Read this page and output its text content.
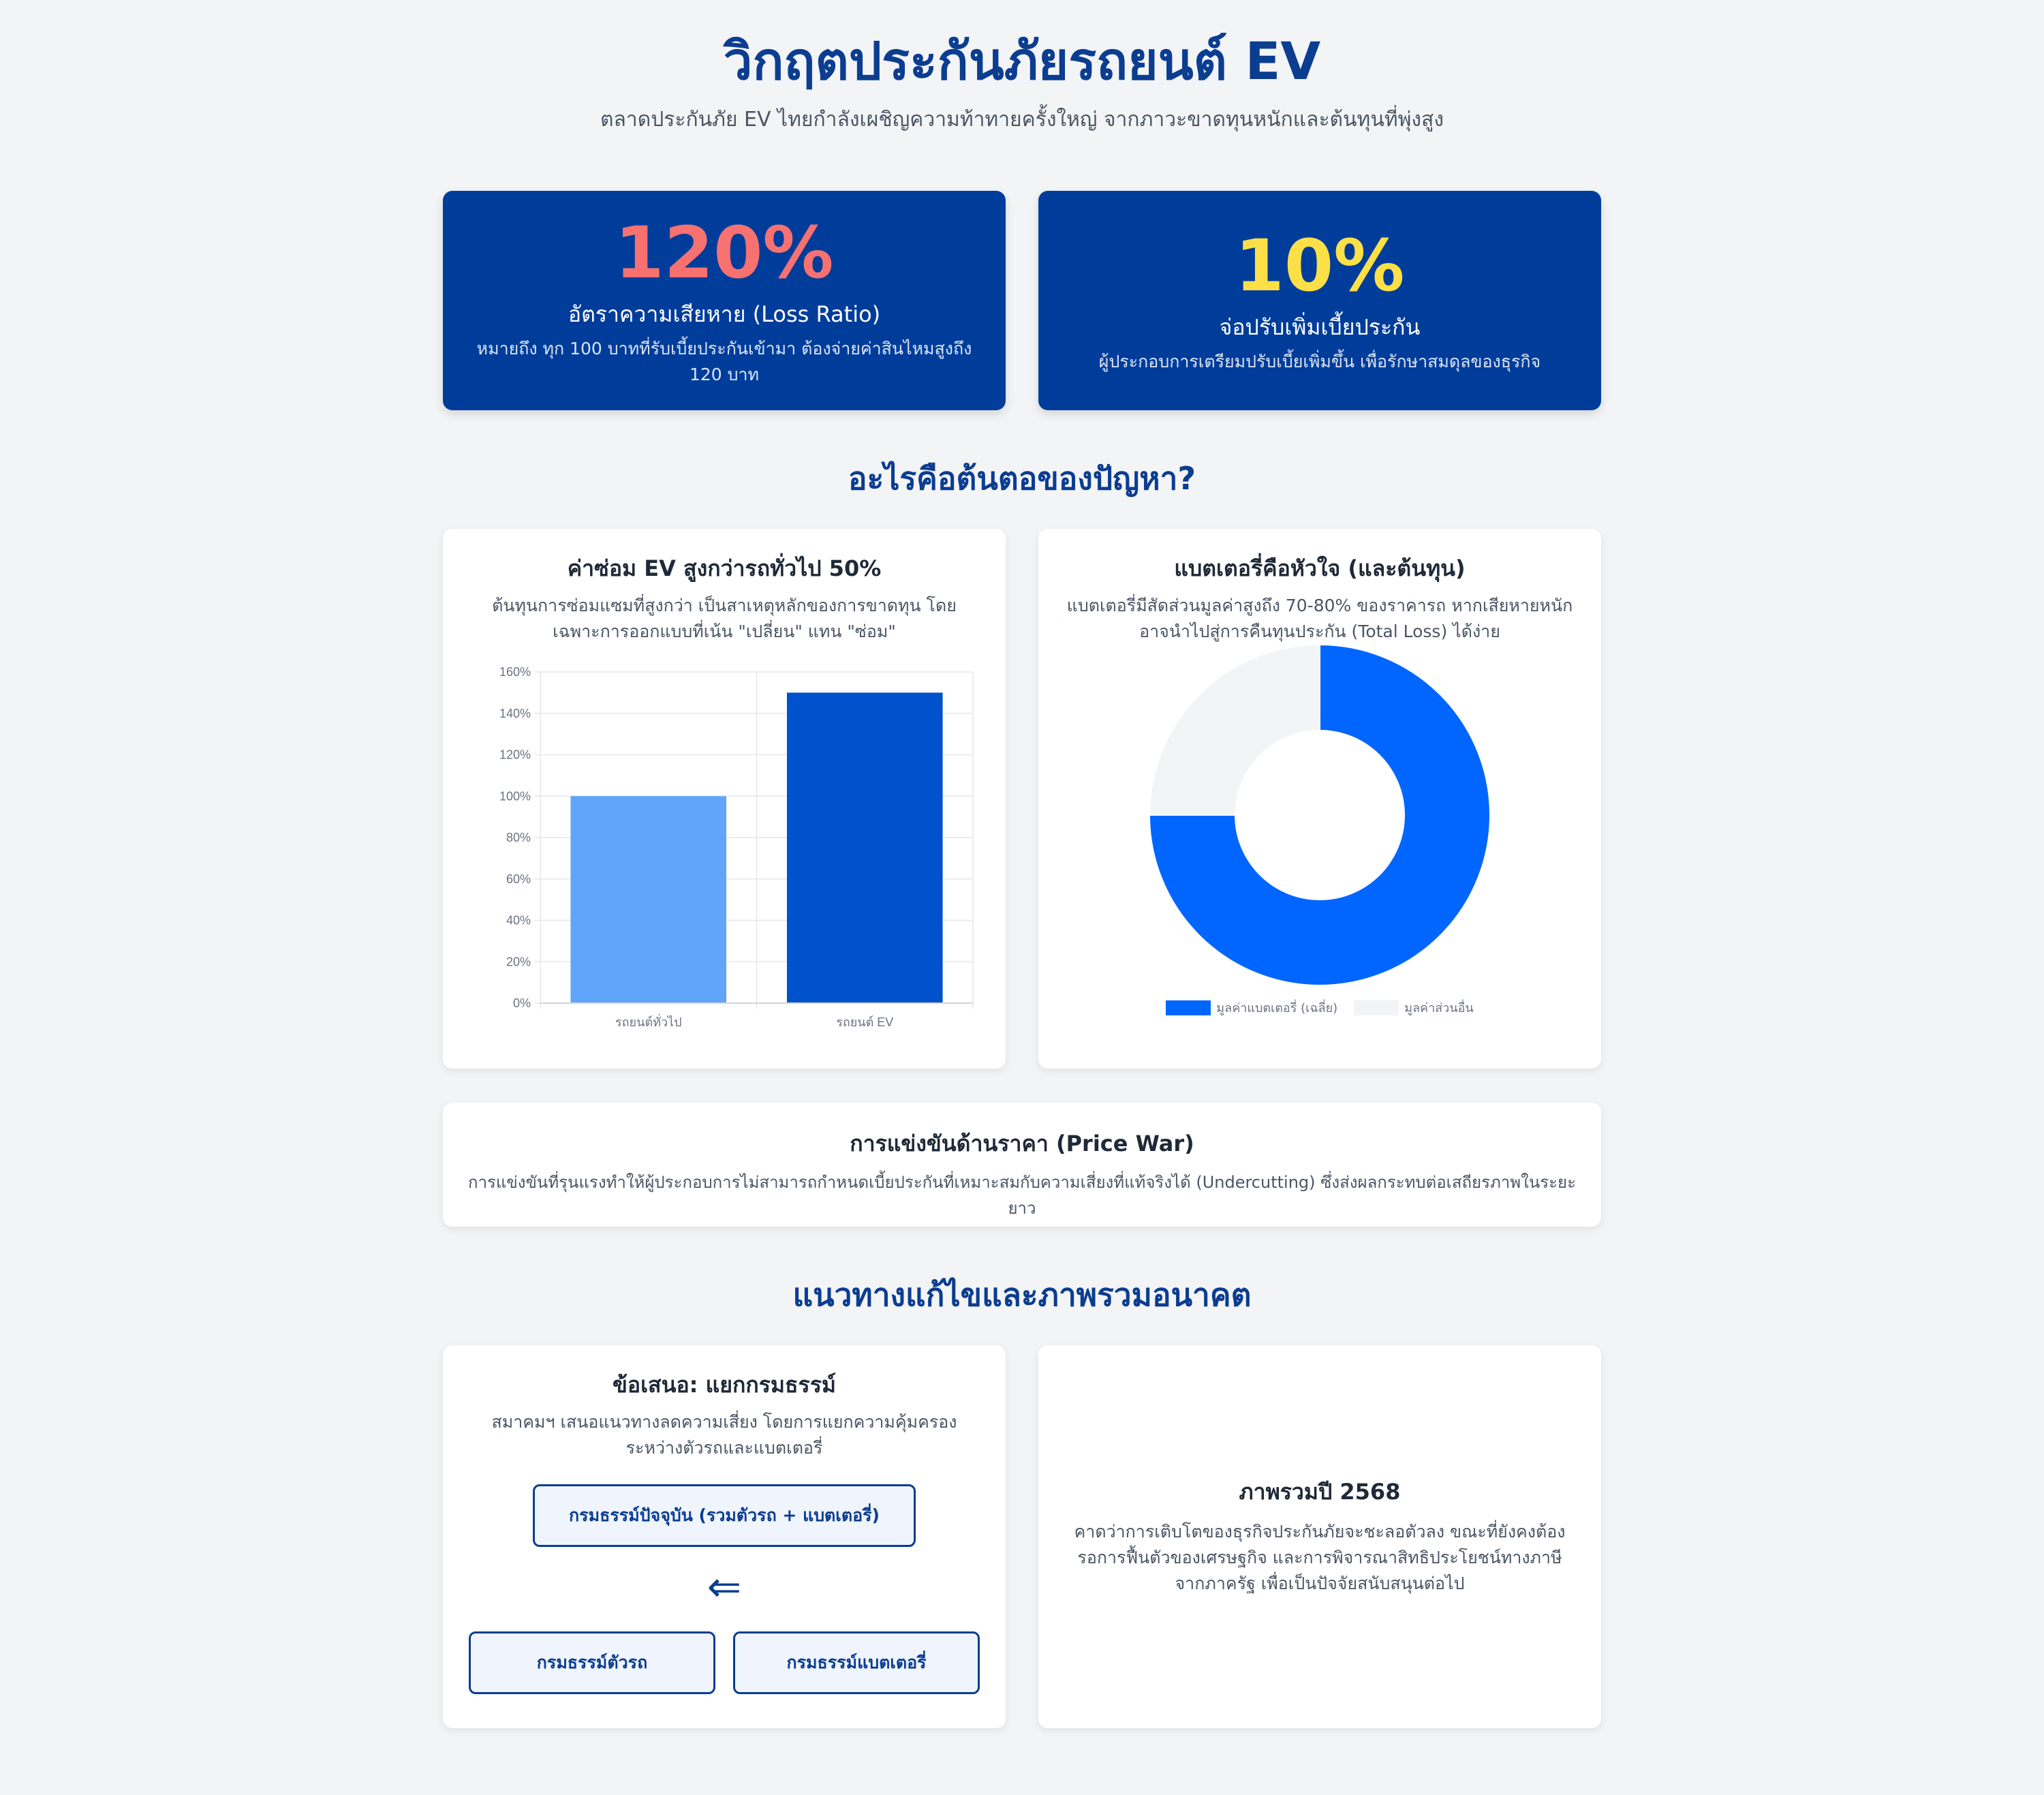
วิกฤตประกันภัยรถยนต์ EV
ตลาดประกันภัย EV ไทยกำลังเผชิญความท้าทายครั้งใหญ่ จากภาวะขาดทุนหนักและต้นทุนที่พุ่งสูง
120%
อัตราความเสียหาย (Loss Ratio)
หมายถึง ทุก 100 บาทที่รับเบี้ยประกันเข้ามา ต้องจ่ายค่าสินไหมสูงถึง 120 บาท
10%
จ่อปรับเพิ่มเบี้ยประกัน
ผู้ประกอบการเตรียมปรับเบี้ยเพิ่มขึ้น เพื่อรักษาสมดุลของธุรกิจ
อะไรคือต้นตอของปัญหา?
ค่าซ่อม EV สูงกว่ารถทั่วไป 50%
ต้นทุนการซ่อมแซมที่สูงกว่า เป็นสาเหตุหลักของการขาดทุน โดยเฉพาะการออกแบบที่เน้น "เปลี่ยน" แทน "ซ่อม"
0%
20%
40%
60%
80%
100%
120%
140%
160%
รถยนต์ทั่วไป	รถยนต์ EV
แบตเตอรี่คือหัวใจ (และต้นทุน)
แบตเตอรี่มีสัดส่วนมูลค่าสูงถึง 70-80% ของราคารถ หากเสียหายหนัก อาจนำไปสู่การคืนทุนประกัน (Total Loss) ได้ง่าย
มูลค่าแบตเตอรี่ (เฉลี่ย)	มูลค่าส่วนอื่น
การแข่งขันด้านราคา (Price War)
การแข่งขันที่รุนแรงทำให้ผู้ประกอบการไม่สามารถกำหนดเบี้ยประกันที่เหมาะสมกับความเสี่ยงที่แท้จริงได้ (Undercutting) ซึ่งส่งผลกระทบต่อเสถียรภาพในระยะยาว
แนวทางแก้ไขและภาพรวมอนาคต
ข้อเสนอ: แยกกรมธรรม์
สมาคมฯ เสนอแนวทางลดความเสี่ยง โดยการแยกความคุ้มครองระหว่างตัวรถและแบตเตอรี่
กรมธรรม์ปัจจุบัน (รวมตัวรถ + แบตเตอรี่)
⇐
กรมธรรม์ตัวรถ	กรมธรรม์แบตเตอรี่
ภาพรวมปี 2568
คาดว่าการเติบโตของธุรกิจประกันภัยจะชะลอตัวลง ขณะที่ยังคงต้องรอการฟื้นตัวของเศรษฐกิจ และการพิจารณาสิทธิประโยชน์ทางภาษีจากภาครัฐ เพื่อเป็นปัจจัยสนับสนุนต่อไป
